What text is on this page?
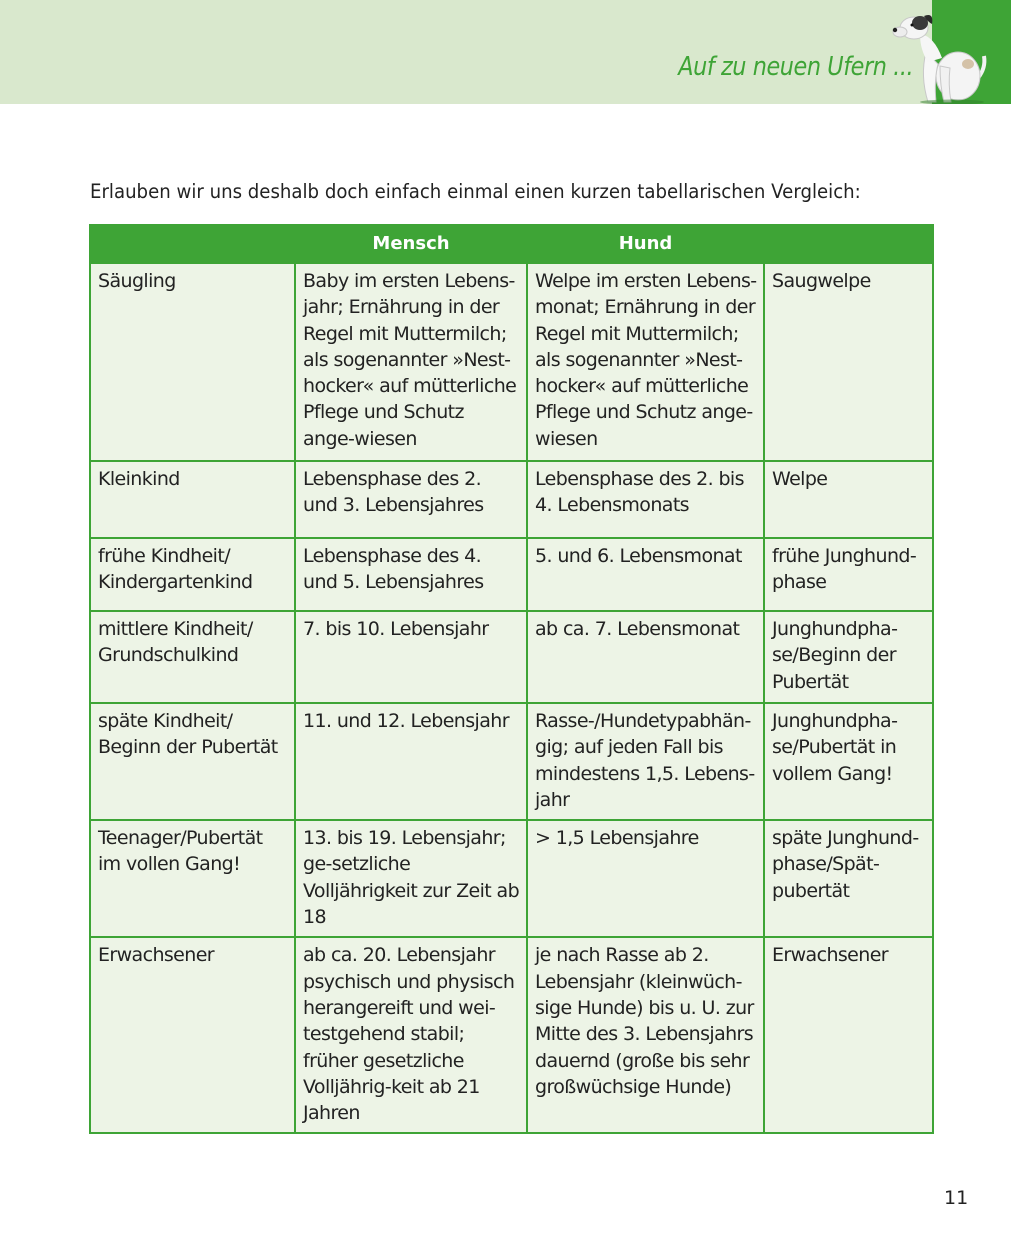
Auf zu neuen Ufern ...
Erlauben wir uns deshalb doch einfach einmal einen kurzen tabellarischen Vergleich:
	Mensch	Hund	
Säugling	Baby im ersten Lebens-jahr; Ernährung in der Regel mit Muttermilch; als sogenannter »Nest-hocker« auf mütterliche Pflege und Schutz ange-wiesen	Welpe im ersten Lebens-monat; Ernährung in der Regel mit Muttermilch; als sogenannter »Nest-hocker« auf mütterliche Pflege und Schutz ange-wiesen	Saugwelpe
Kleinkind	Lebensphase des 2. und 3. Lebensjahres	Lebensphase des 2. bis 4. Lebensmonats	Welpe
frühe Kindheit/ Kindergartenkind	Lebensphase des 4. und 5. Lebensjahres	5. und 6. Lebensmonat	frühe Junghund-phase
mittlere Kindheit/ Grundschulkind	7. bis 10. Lebensjahr	ab ca. 7. Lebensmonat	Junghundpha-se/Beginn der Pubertät
späte Kindheit/ Beginn der Pubertät	11. und 12. Lebensjahr	Rasse-/Hundetypabhän-gig; auf jeden Fall bis mindestens 1,5. Lebens-jahr	Junghundpha-se/Pubertät in vollem Gang!
Teenager/Pubertät im vollen Gang!	13. bis 19. Lebensjahr; ge-setzliche Volljährigkeit zur Zeit ab 18	> 1,5 Lebensjahre	späte Junghund-phase/Spät-pubertät
Erwachsener	ab ca. 20. Lebensjahr psychisch und physisch herangereift und wei-testgehend stabil; früher gesetzliche Volljährig-keit ab 21 Jahren	je nach Rasse ab 2. Lebensjahr (kleinwüch-sige Hunde) bis u. U. zur Mitte des 3. Lebensjahrs dauernd (große bis sehr großwüchsige Hunde)	Erwachsener
11
